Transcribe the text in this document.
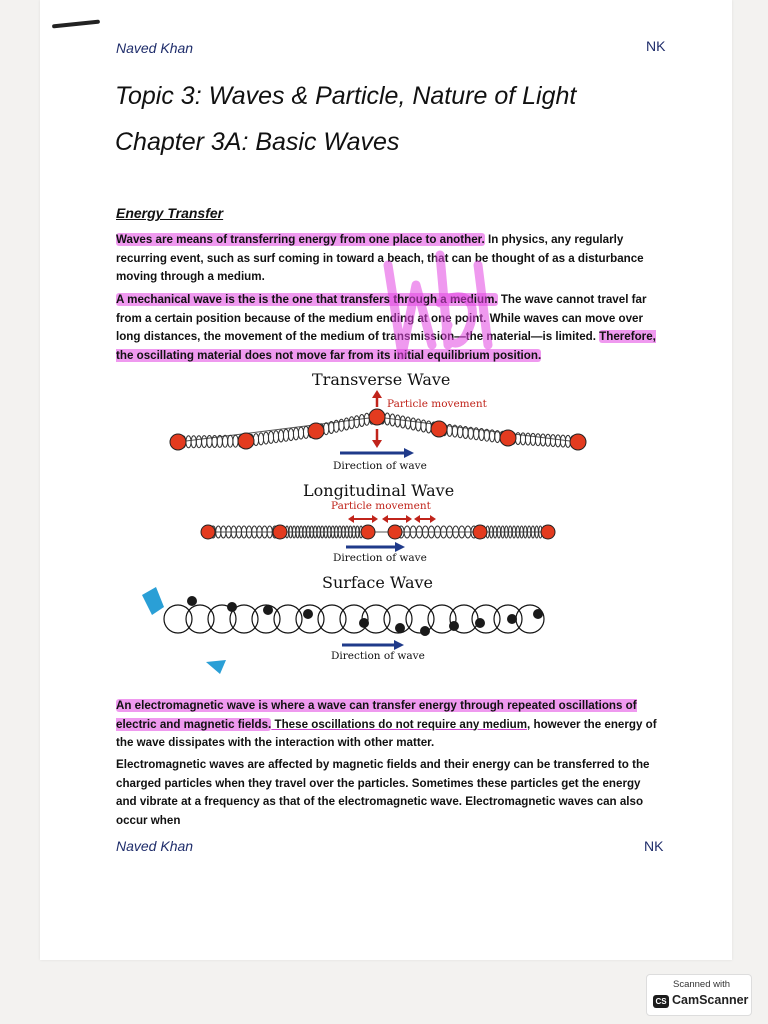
Naved Khan	NK
Topic 3: Waves & Particle, Nature of Light
Chapter 3A: Basic Waves
Energy Transfer
Waves are means of transferring energy from one place to another. In physics, any regularly recurring event, such as surf coming in toward a beach, that can be thought of as a disturbance moving through a medium.
A mechanical wave is the is the one that transfers through a medium. The wave cannot travel far from a certain position because of the medium ending at one point. While waves can move over long distances, the movement of the medium of transmission—the material—is limited. Therefore, the oscillating material does not move far from its initial equilibrium position.
Transverse Wave
Particle movement
Direction of wave
Longitudinal Wave
Particle movement
Direction of wave
Surface Wave
Direction of wave
An electromagnetic wave is where a wave can transfer energy through repeated oscillations of electric and magnetic fields. These oscillations do not require any medium, however the energy of the wave dissipates with the interaction with other matter.
Electromagnetic waves are affected by magnetic fields and their energy can be transferred to the charged particles when they travel over the particles. Sometimes these particles get the energy and vibrate at a frequency as that of the electromagnetic wave. Electromagnetic waves can also occur when
Naved Khan	NK
Scanned with
CS CamScanner
